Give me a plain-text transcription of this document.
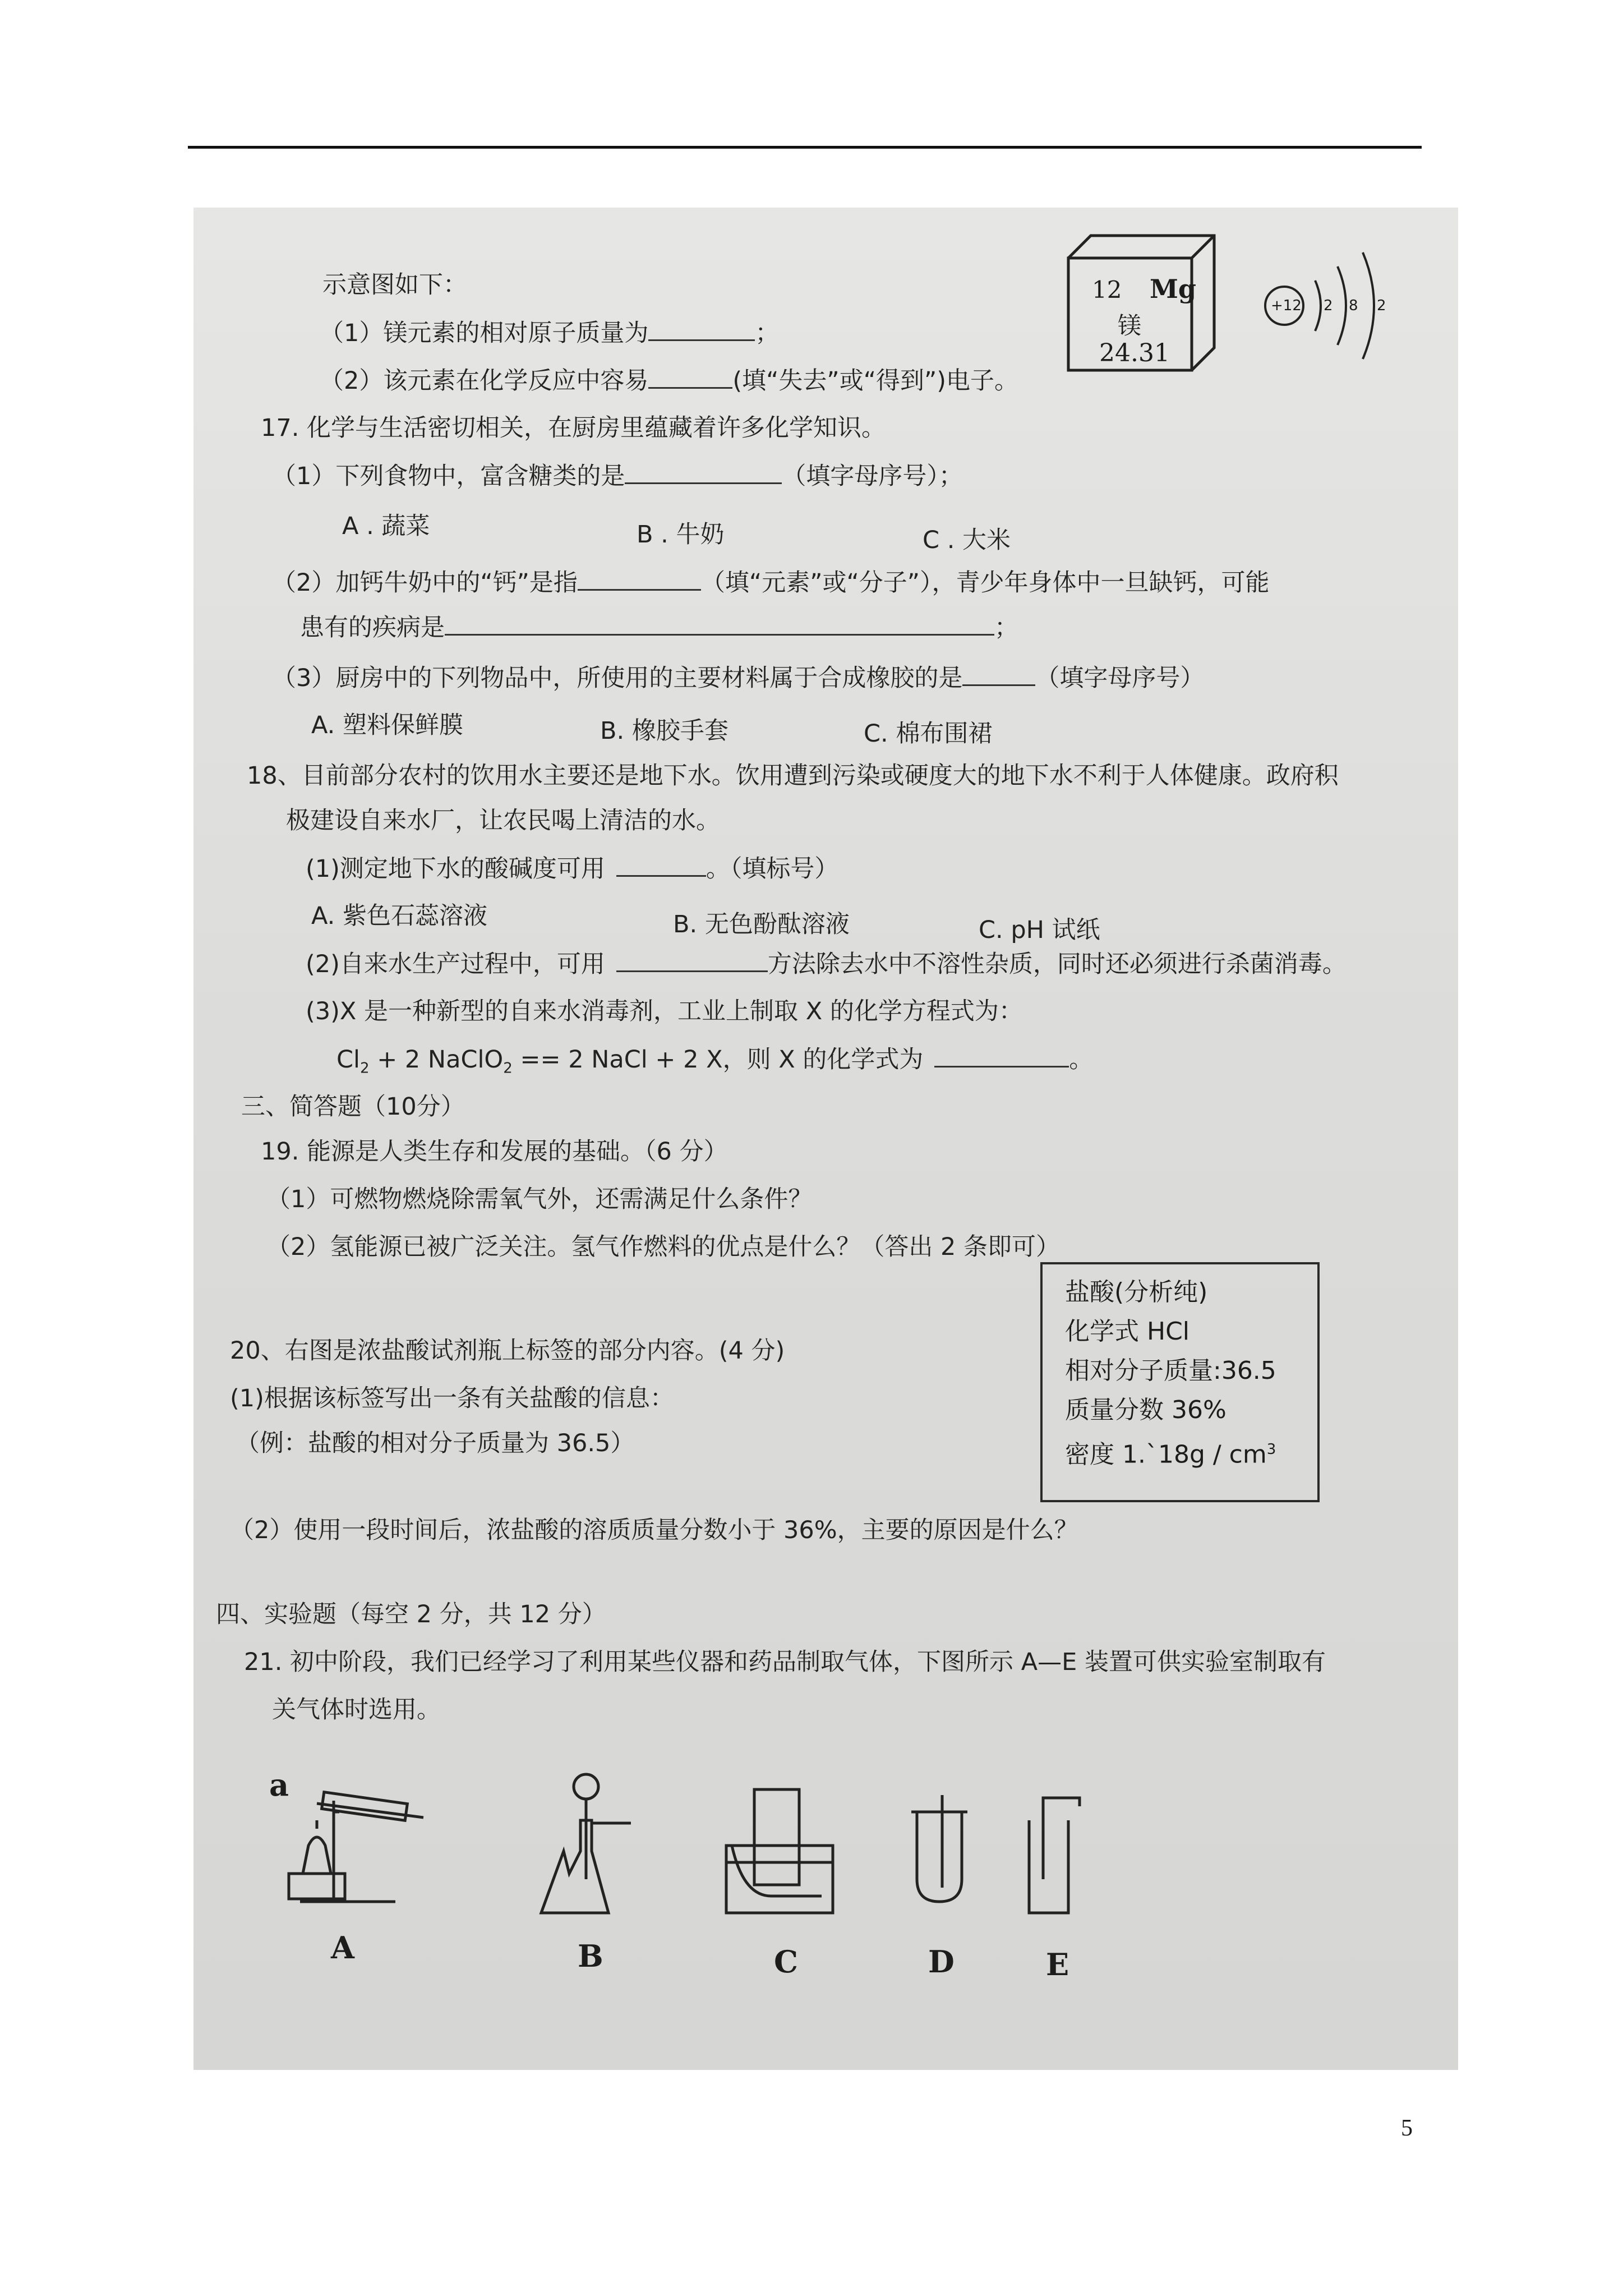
12 Mg
镁
24.31
+12 2 8 2
示意图如下：
（1）镁元素的相对原子质量为	；
（2）该元素在化学反应中容易	(填“失去”或“得到”)电子。
17. 化学与生活密切相关，在厨房里蕴藏着许多化学知识。
（1）下列食物中，富含糖类的是	（填字母序号）；
A . 蔬菜	B . 牛奶	C . 大米
（2）加钙牛奶中的“钙”是指	（填“元素”或“分子”），青少年身体中一旦缺钙，可能
患有的疾病是	；
（3）厨房中的下列物品中，所使用的主要材料属于合成橡胶的是	（填字母序号）
A. 塑料保鲜膜	B. 橡胶手套	C. 棉布围裙
18、目前部分农村的饮用水主要还是地下水。饮用遭到污染或硬度大的地下水不利于人体健康。政府积
极建设自来水厂，让农民喝上清洁的水。
(1)测定地下水的酸碱度可用	。（填标号）
A. 紫色石蕊溶液	B. 无色酚酞溶液	C. pH 试纸
(2)自来水生产过程中，可用	方法除去水中不溶性杂质，同时还必须进行杀菌消毒。
(3)X 是一种新型的自来水消毒剂，工业上制取 X 的化学方程式为：
$Cl_2 + 2$ NaClO$_2$ == 2 NaCl + 2 X，则 X 的化学式为	。
三、简答题（10分）
19. 能源是人类生存和发展的基础。（6 分）
（1）可燃物燃烧除需氧气外，还需满足什么条件？
（2）氢能源已被广泛关注。氢气作燃料的优点是什么？（答出 2 条即可）
盐酸(分析纯)
化学式 HCl
相对分子质量:36.5
质量分数 36%
密度 1.`18g / $cm^3$
20、右图是浓盐酸试剂瓶上标签的部分内容。(4 分)
(1)根据该标签写出一条有关盐酸的信息：
（例：盐酸的相对分子质量为 36.5）
（2）使用一段时间后，浓盐酸的溶质质量分数小于 36%，主要的原因是什么？
四、实验题（每空 2 分，共 12 分）
21. 初中阶段，我们已经学习了利用某些仪器和药品制取气体，下图所示 A—E 装置可供实验室制取有
关气体时选用。
a
A	B	C	D	E
5
